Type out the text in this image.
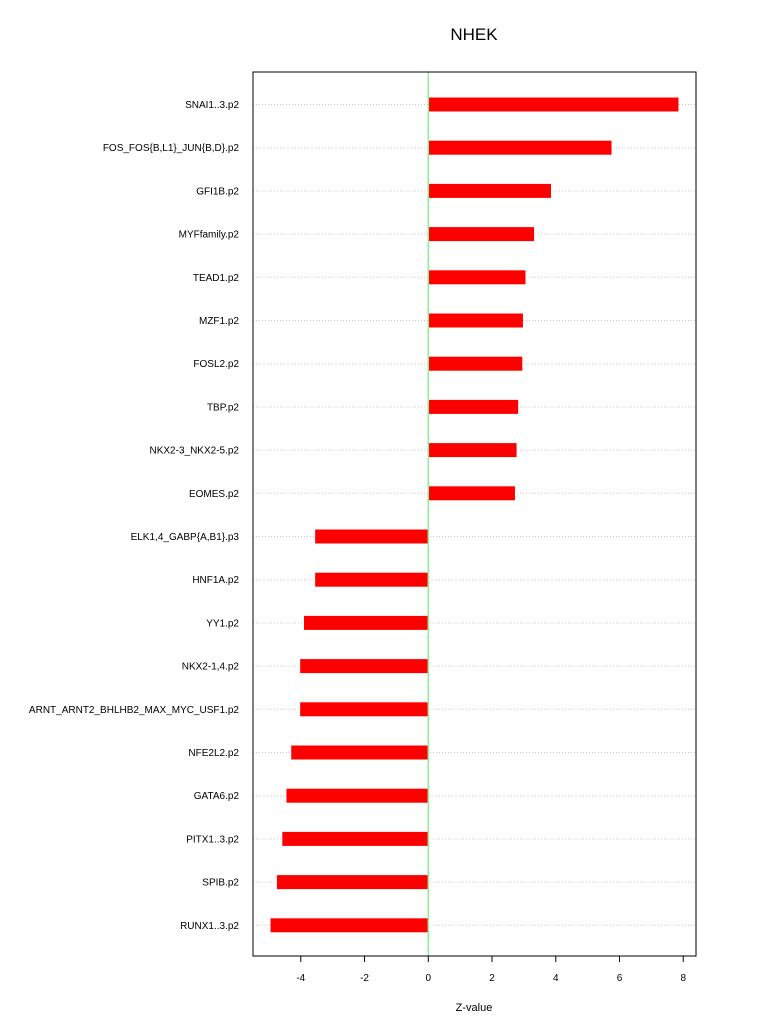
NHEK
SNAI1..3.p2
FOS_FOS{B,L1}_JUN{B,D}.p2
GFI1B.p2
MYFfamily.p2
TEAD1.p2
MZF1.p2
FOSL2.p2
TBP.p2
NKX2-3_NKX2-5.p2
EOMES.p2
ELK1,4_GABP{A,B1}.p3
HNF1A.p2
YY1.p2
NKX2-1,4.p2
ARNT_ARNT2_BHLHB2_MAX_MYC_USF1.p2
NFE2L2.p2
GATA6.p2
PITX1..3.p2
SPIB.p2
RUNX1..3.p2
-4	-2	0	2	4	6	8
Z-value
